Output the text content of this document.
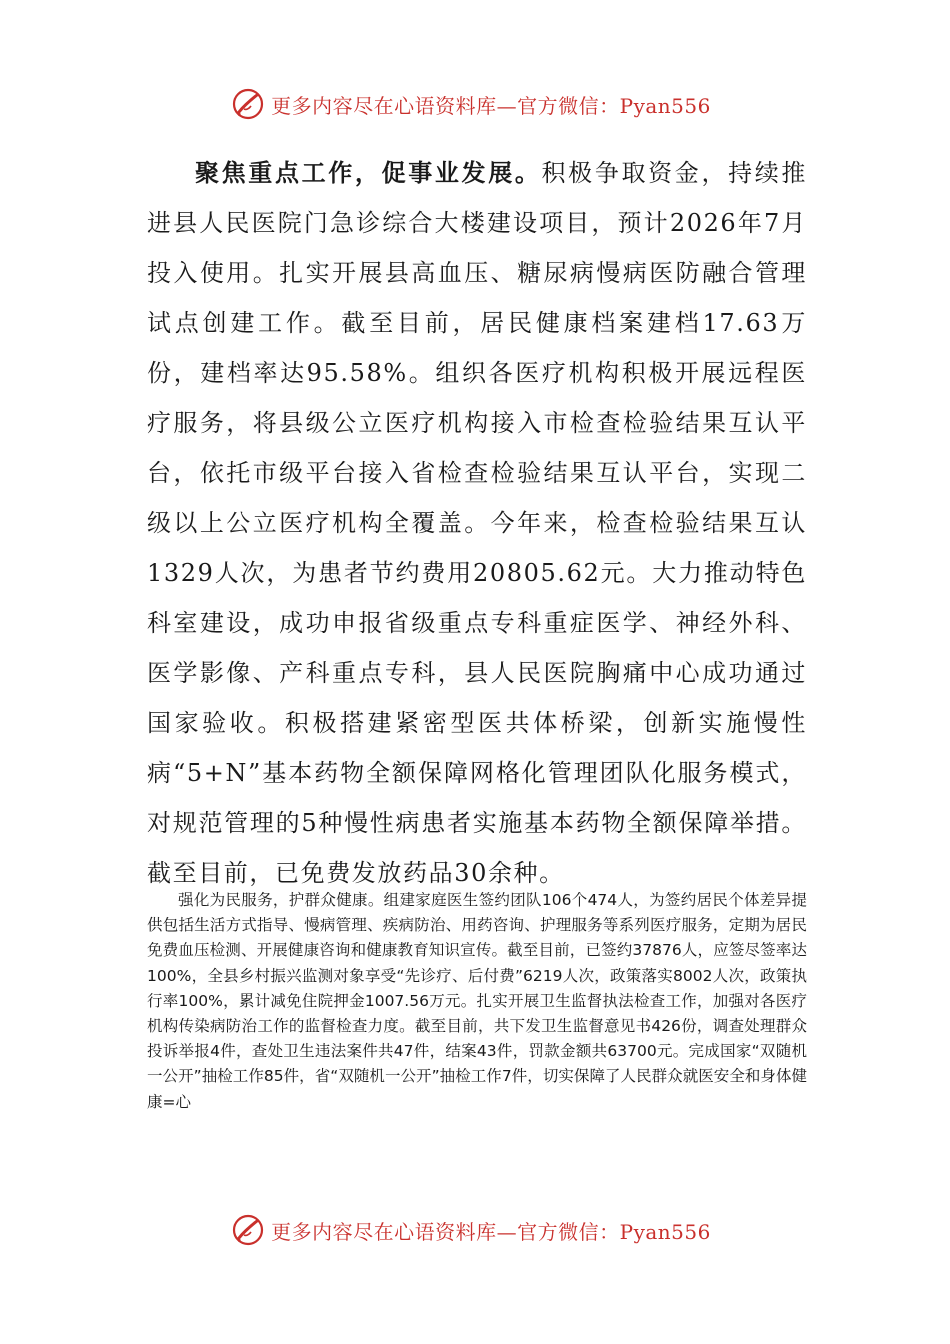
更多内容尽在心语资料库—官方微信：Pyan556

聚焦重点工作，促事业发展。积极争取资金，持续推进县人民医院门急诊综合大楼建设项目，预计2026年7月投入使用。扎实开展县高血压、糖尿病慢病医防融合管理试点创建工作。截至目前，居民健康档案建档17.63万份，建档率达95.58%。组织各医疗机构积极开展远程医疗服务，将县级公立医疗机构接入市检查检验结果互认平台，依托市级平台接入省检查检验结果互认平台，实现二级以上公立医疗机构全覆盖。今年来，检查检验结果互认1329人次，为患者节约费用20805.62元。大力推动特色科室建设，成功申报省级重点专科重症医学、神经外科、医学影像、产科重点专科，县人民医院胸痛中心成功通过国家验收。积极搭建紧密型医共体桥梁，创新实施慢性病“5+N”基本药物全额保障网格化管理团队化服务模式，对规范管理的5种慢性病患者实施基本药物全额保障举措。截至目前，已免费发放药品30余种。

强化为民服务，护群众健康。组建家庭医生签约团队106个474人，为签约居民个体差异提供包括生活方式指导、慢病管理、疾病防治、用药咨询、护理服务等系列医疗服务，定期为居民免费血压检测、开展健康咨询和健康教育知识宣传。截至目前，已签约37876人，应签尽签率达100%，全县乡村振兴监测对象享受“先诊疗、后付费”6219人次，政策落实8002人次，政策执行率100%，累计减免住院押金1007.56万元。扎实开展卫生监督执法检查工作，加强对各医疗机构传染病防治工作的监督检查力度。截至目前，共下发卫生监督意见书426份，调查处理群众投诉举报4件，查处卫生违法案件共47件，结案43件，罚款金额共63700元。完成国家“双随机一公开”抽检工作85件，省“双随机一公开”抽检工作7件，切实保障了人民群众就医安全和身体健康=心

更多内容尽在心语资料库—官方微信：Pyan556
